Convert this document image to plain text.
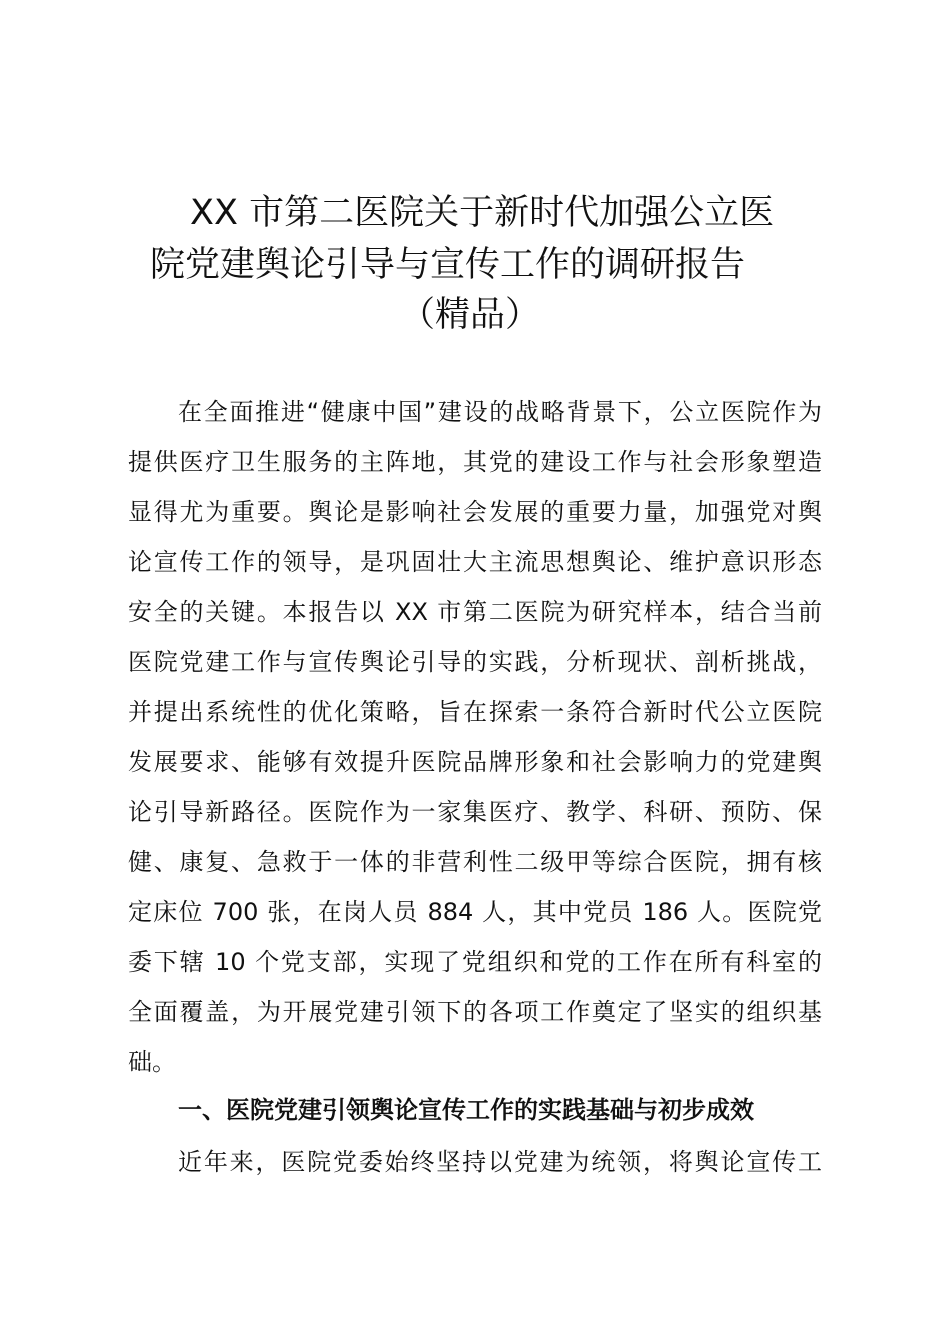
XX 市第二医院关于新时代加强公立医
院党建舆论引导与宣传工作的调研报告
（精品）
在全面推进“健康中国”建设的战略背景下，公立医院作为
提供医疗卫生服务的主阵地，其党的建设工作与社会形象塑造
显得尤为重要。舆论是影响社会发展的重要力量，加强党对舆
论宣传工作的领导，是巩固壮大主流思想舆论、维护意识形态
安全的关键。本报告以 XX 市第二医院为研究样本，结合当前
医院党建工作与宣传舆论引导的实践，分析现状、剖析挑战，
并提出系统性的优化策略，旨在探索一条符合新时代公立医院
发展要求、能够有效提升医院品牌形象和社会影响力的党建舆
论引导新路径。医院作为一家集医疗、教学、科研、预防、保
健、康复、急救于一体的非营利性二级甲等综合医院，拥有核
定床位 700 张，在岗人员 884 人，其中党员 186 人。医院党
委下辖 10 个党支部，实现了党组织和党的工作在所有科室的
全面覆盖，为开展党建引领下的各项工作奠定了坚实的组织基
础。
一、医院党建引领舆论宣传工作的实践基础与初步成效
近年来，医院党委始终坚持以党建为统领，将舆论宣传工
